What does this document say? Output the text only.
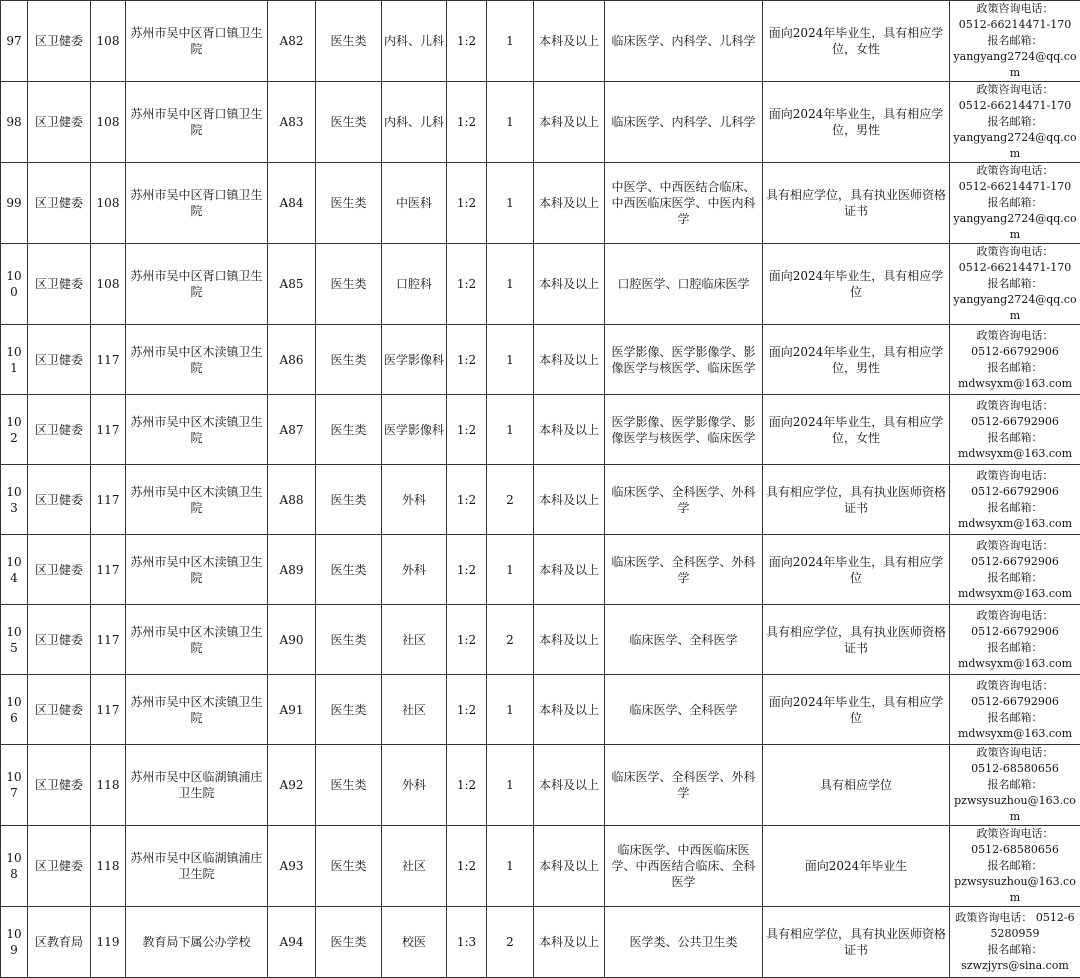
97	区卫健委	108	苏州市吴中区胥口镇卫生院	A82	医生类	内科、儿科	1:2	1	本科及以上	临床医学、内科学、儿科学	面向2024年毕业生，具有相应学位，女性	政策咨询电话：
0512-66214471-170
报名邮箱：
yangyang2724@qq.com
98	区卫健委	108	苏州市吴中区胥口镇卫生院	A83	医生类	内科、儿科	1:2	1	本科及以上	临床医学、内科学、儿科学	面向2024年毕业生，具有相应学位，男性	政策咨询电话：
0512-66214471-170
报名邮箱：
yangyang2724@qq.com
99	区卫健委	108	苏州市吴中区胥口镇卫生院	A84	医生类	中医科	1:2	1	本科及以上	中医学、中西医结合临床、中西医临床医学、中医内科学	具有相应学位，具有执业医师资格证书	政策咨询电话：
0512-66214471-170
报名邮箱：
yangyang2724@qq.com
100	区卫健委	108	苏州市吴中区胥口镇卫生院	A85	医生类	口腔科	1:2	1	本科及以上	口腔医学、口腔临床医学	面向2024年毕业生，具有相应学位	政策咨询电话：
0512-66214471-170
报名邮箱：
yangyang2724@qq.com
101	区卫健委	117	苏州市吴中区木渎镇卫生院	A86	医生类	医学影像科	1:2	1	本科及以上	医学影像、医学影像学、影像医学与核医学、临床医学	面向2024年毕业生，具有相应学位，男性	政策咨询电话：
0512-66792906
报名邮箱：
mdwsyxm@163.com
102	区卫健委	117	苏州市吴中区木渎镇卫生院	A87	医生类	医学影像科	1:2	1	本科及以上	医学影像、医学影像学、影像医学与核医学、临床医学	面向2024年毕业生，具有相应学位，女性	政策咨询电话：
0512-66792906
报名邮箱：
mdwsyxm@163.com
103	区卫健委	117	苏州市吴中区木渎镇卫生院	A88	医生类	外科	1:2	2	本科及以上	临床医学、全科医学、外科学	具有相应学位，具有执业医师资格证书	政策咨询电话：
0512-66792906
报名邮箱：
mdwsyxm@163.com
104	区卫健委	117	苏州市吴中区木渎镇卫生院	A89	医生类	外科	1:2	1	本科及以上	临床医学、全科医学、外科学	面向2024年毕业生，具有相应学位	政策咨询电话：
0512-66792906
报名邮箱：
mdwsyxm@163.com
105	区卫健委	117	苏州市吴中区木渎镇卫生院	A90	医生类	社区	1:2	2	本科及以上	临床医学、全科医学	具有相应学位，具有执业医师资格证书	政策咨询电话：
0512-66792906
报名邮箱：
mdwsyxm@163.com
106	区卫健委	117	苏州市吴中区木渎镇卫生院	A91	医生类	社区	1:2	1	本科及以上	临床医学、全科医学	面向2024年毕业生，具有相应学位	政策咨询电话：
0512-66792906
报名邮箱：
mdwsyxm@163.com
107	区卫健委	118	苏州市吴中区临湖镇浦庄卫生院	A92	医生类	外科	1:2	1	本科及以上	临床医学、全科医学、外科学	具有相应学位	政策咨询电话：
0512-68580656
报名邮箱：
pzwsysuzhou@163.com
108	区卫健委	118	苏州市吴中区临湖镇浦庄卫生院	A93	医生类	社区	1:2	1	本科及以上	临床医学、中西医临床医学、中西医结合临床、全科医学	面向2024年毕业生	政策咨询电话：
0512-68580656
报名邮箱：
pzwsysuzhou@163.com
109	区教育局	119	教育局下属公办学校	A94	医生类	校医	1:3	2	本科及以上	医学类、公共卫生类	具有相应学位，具有执业医师资格证书	政策咨询电话： 0512-65280959
报名邮箱：
szwzjyrs@sina.com
